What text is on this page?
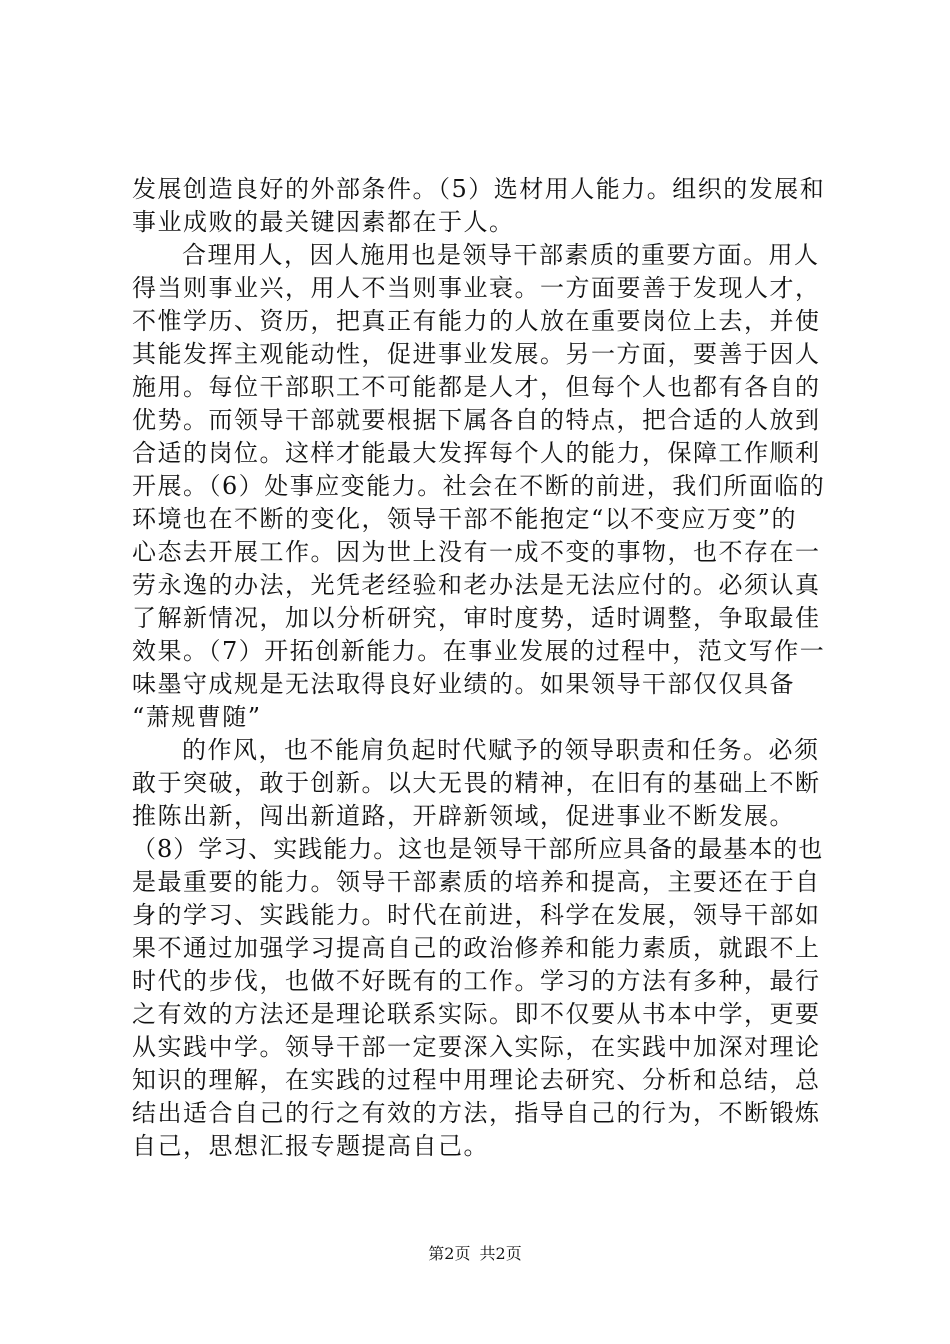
发展创造良好的外部条件。（5）选材用人能力。组织的发展和
事业成败的最关键因素都在于人。
合理用人，因人施用也是领导干部素质的重要方面。用人
得当则事业兴，用人不当则事业衰。一方面要善于发现人才，
不惟学历、资历，把真正有能力的人放在重要岗位上去，并使
其能发挥主观能动性，促进事业发展。另一方面，要善于因人
施用。每位干部职工不可能都是人才，但每个人也都有各自的
优势。而领导干部就要根据下属各自的特点，把合适的人放到
合适的岗位。这样才能最大发挥每个人的能力，保障工作顺利
开展。（6）处事应变能力。社会在不断的前进，我们所面临的
环境也在不断的变化，领导干部不能抱定“以不变应万变”的
心态去开展工作。因为世上没有一成不变的事物，也不存在一
劳永逸的办法，光凭老经验和老办法是无法应付的。必须认真
了解新情况，加以分析研究，审时度势，适时调整，争取最佳
效果。（7）开拓创新能力。在事业发展的过程中，范文写作一
味墨守成规是无法取得良好业绩的。如果领导干部仅仅具备
“萧规曹随”
的作风，也不能肩负起时代赋予的领导职责和任务。必须
敢于突破，敢于创新。以大无畏的精神，在旧有的基础上不断
推陈出新，闯出新道路，开辟新领域，促进事业不断发展。
（8）学习、实践能力。这也是领导干部所应具备的最基本的也
是最重要的能力。领导干部素质的培养和提高，主要还在于自
身的学习、实践能力。时代在前进，科学在发展，领导干部如
果不通过加强学习提高自己的政治修养和能力素质，就跟不上
时代的步伐，也做不好既有的工作。学习的方法有多种，最行
之有效的方法还是理论联系实际。即不仅要从书本中学，更要
从实践中学。领导干部一定要深入实际，在实践中加深对理论
知识的理解，在实践的过程中用理论去研究、分析和总结，总
结出适合自己的行之有效的方法，指导自己的行为，不断锻炼
自己，思想汇报专题提高自己。
第2页 共2页
